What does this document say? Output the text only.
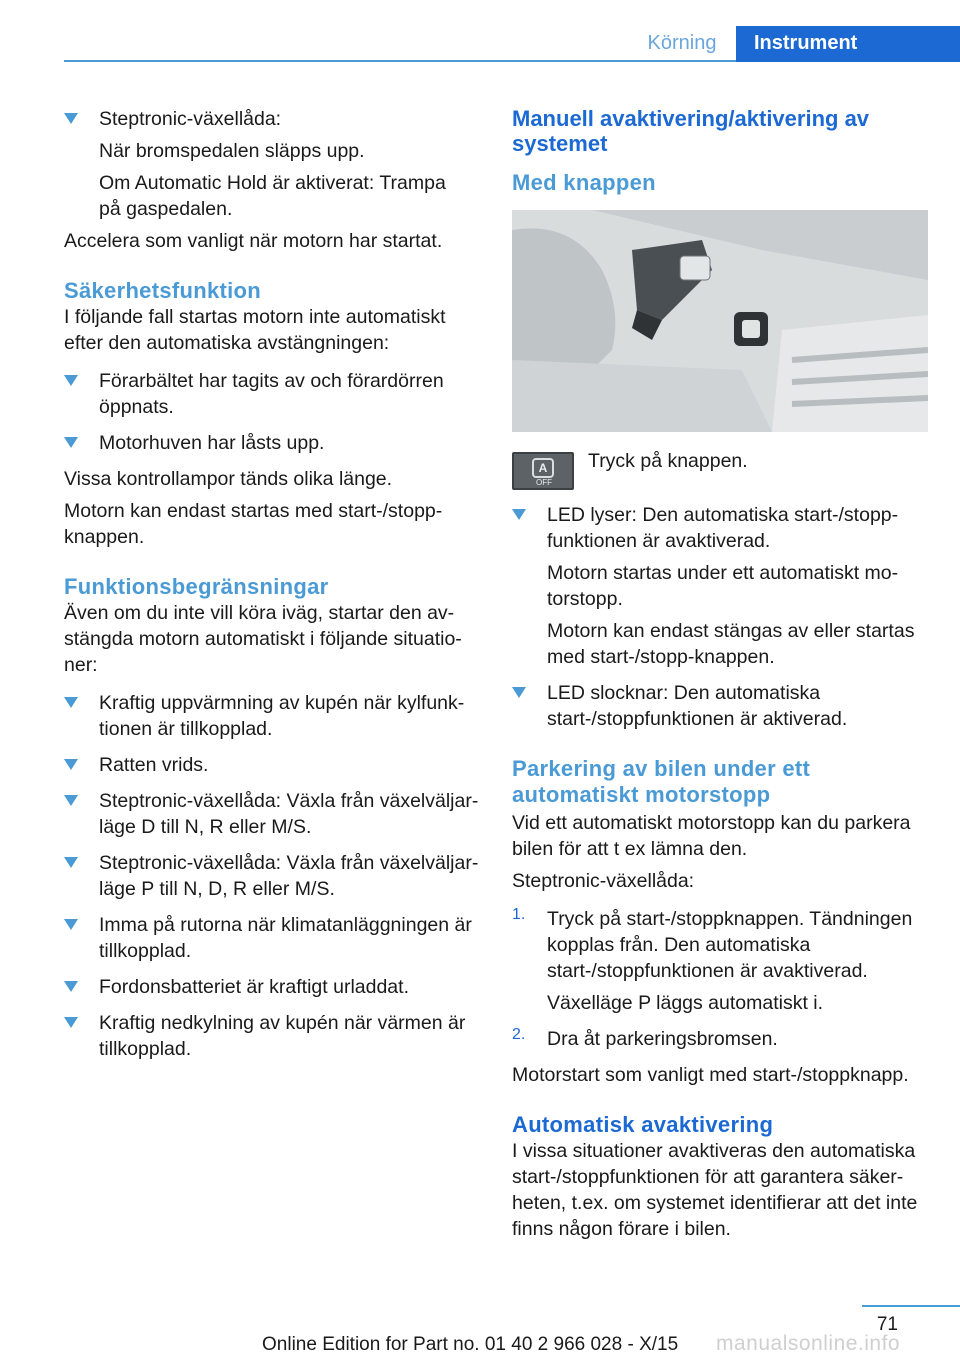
Körning	Instrument

Steptronic-växellåda:

När bromspedalen släpps upp.

Om Automatic Hold är aktiverat: Trampa på gaspedalen.

Accelera som vanligt när motorn har startat.

Säkerhetsfunktion

I följande fall startas motorn inte automatiskt efter den automatiska avstängningen:

Förarbältet har tagits av och förardörren öppnats.

Motorhuven har låsts upp.

Vissa kontrollampor tänds olika länge.

Motorn kan endast startas med start-/stopp-knappen.

Funktionsbegränsningar

Även om du inte vill köra iväg, startar den av-stängda motorn automatiskt i följande situatio-ner:

Kraftig uppvärmning av kupén när kylfunk-tionen är tillkopplad.

Ratten vrids.

Steptronic-växellåda: Växla från växelväljar-läge D till N, R eller M/S.

Steptronic-växellåda: Växla från växelväljar-läge P till N, D, R eller M/S.

Imma på rutorna när klimatanläggningen är tillkopplad.

Fordonsbatteriet är kraftigt urladdat.

Kraftig nedkylning av kupén när värmen är tillkopplad.

Manuell avaktivering/aktivering av systemet
Med knappen
A
OFF

Tryck på knappen.

LED lyser: Den automatiska start-/stopp-funktionen är avaktiverad.

Motorn startas under ett automatiskt mo-torstopp.

Motorn kan endast stängas av eller startas med start-/stopp-knappen.

LED slocknar: Den automatiska start-/stoppfunktionen är aktiverad.

Parkering av bilen under ett automatiskt motorstopp

Vid ett automatiskt motorstopp kan du parkera bilen för att t ex lämna den.

Steptronic-växellåda:

1. Tryck på start-/stoppknappen. Tändningen kopplas från. Den automatiska start-/stoppfunktionen är avaktiverad.

Växelläge P läggs automatiskt i.

2. Dra åt parkeringsbromsen.

Motorstart som vanligt med start-/stoppknapp.

Automatisk avaktivering

I vissa situationer avaktiveras den automatiska start-/stoppfunktionen för att garantera säker-heten, t.ex. om systemet identifierar att det inte finns någon förare i bilen.

71
Online Edition for Part no. 01 40 2 966 028 - X/15 manualsonline.info
